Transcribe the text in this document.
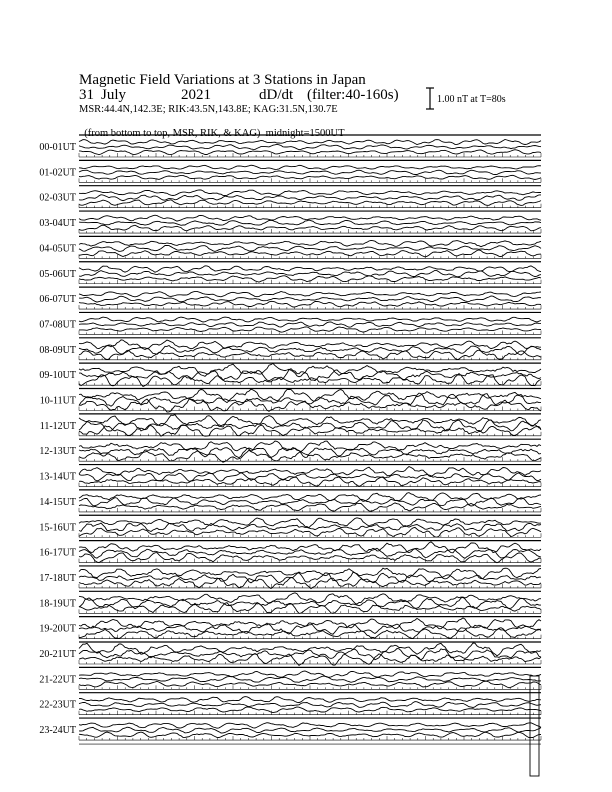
Magnetic Field Variations at 3 Stations in Japan

31

July

	2021

	dD/dt

(filter:40-160s)

MSR:44.4N,142.3E; RIK:43.5N,143.8E; KAG:31.5N,130.7E

(from bottom to top, MSR, RIK, & KAG) midnight=1500UT

1.00 nT at T=80s
00-01UT
01-02UT
02-03UT
03-04UT
04-05UT
05-06UT
06-07UT
07-08UT
08-09UT
09-10UT
10-11UT
11-12UT
12-13UT
13-14UT
14-15UT
15-16UT
16-17UT
17-18UT
18-19UT
19-20UT
20-21UT
21-22UT
22-23UT
23-24UT
